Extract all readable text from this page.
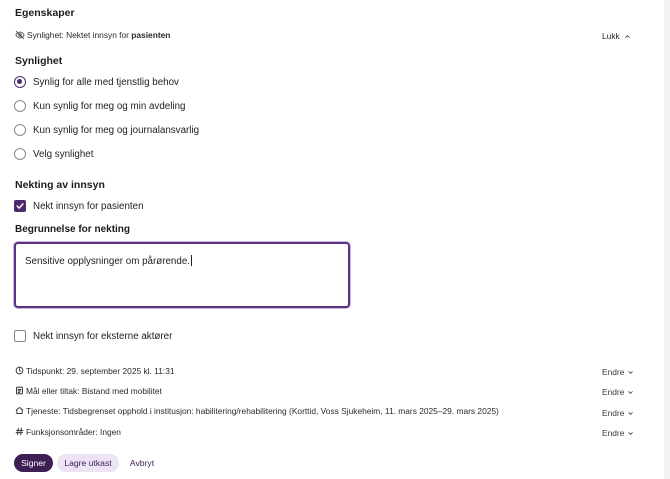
Egenskaper
Synlighet: Nektet innsyn for pasienten	Lukk
Synlighet
Synlig for alle med tjenstlig behov
Kun synlig for meg og min avdeling
Kun synlig for meg og journalansvarlig
Velg synlighet
Nekting av innsyn
Nekt innsyn for pasienten
Begrunnelse for nekting
Sensitive opplysninger om pårørende.
Nekt innsyn for eksterne aktører
Tidspunkt: 29. september 2025 kl. 11:31	Endre
Mål eller tiltak: Bistand med mobilitet	Endre
Tjeneste: Tidsbegrenset opphold i institusjon: habilitering/rehabilitering (Korttid, Voss Sjukeheim, 11. mars 2025–29. mars 2025)	Endre
Funksjonsområder: Ingen	Endre
Signer	Lagre utkast	Avbryt
